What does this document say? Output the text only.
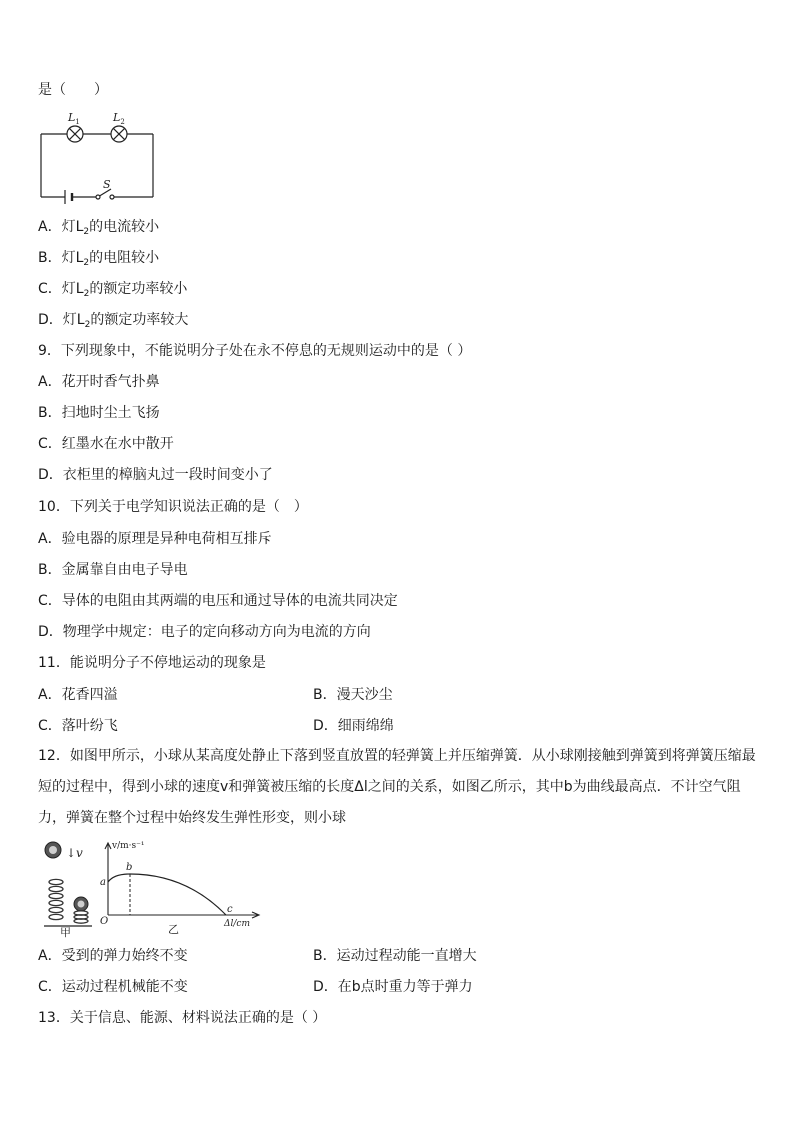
是（　　）
$L_1$	$L_2$
S
A．灯$L_2$的电流较小
B．灯$L_2$的电阻较小
C．灯$L_2$的额定功率较小
D．灯$L_2$的额定功率较大
9．下列现象中，不能说明分子处在永不停息的无规则运动中的是（ ）
A．花开时香气扑鼻
B．扫地时尘土飞扬
C．红墨水在水中散开
D．衣柜里的樟脑丸过一段时间变小了
10．下列关于电学知识说法正确的是（　）
A．验电器的原理是异种电荷相互排斥
B．金属靠自由电子导电
C．导体的电阻由其两端的电压和通过导体的电流共同决定
D．物理学中规定：电子的定向移动方向为电流的方向
11．能说明分子不停地运动的现象是
A．花香四溢	B．漫天沙尘
C．落叶纷飞	D．细雨绵绵
12．如图甲所示，小球从某高度处静止下落到竖直放置的轻弹簧上并压缩弹簧．从小球刚接触到弹簧到将弹簧压缩最短的过程中，得到小球的速度v和弹簧被压缩的长度Δl之间的关系，如图乙所示，其中b为曲线最高点．不计空气阻力，弹簧在整个过程中始终发生弹性形变，则小球
↓v
甲
v/m·s⁻¹
O
a
b
c
Δl/cm
乙
A．受到的弹力始终不变	B．运动过程动能一直增大
C．运动过程机械能不变	D．在b点时重力等于弹力
13．关于信息、能源、材料说法正确的是（ ）
